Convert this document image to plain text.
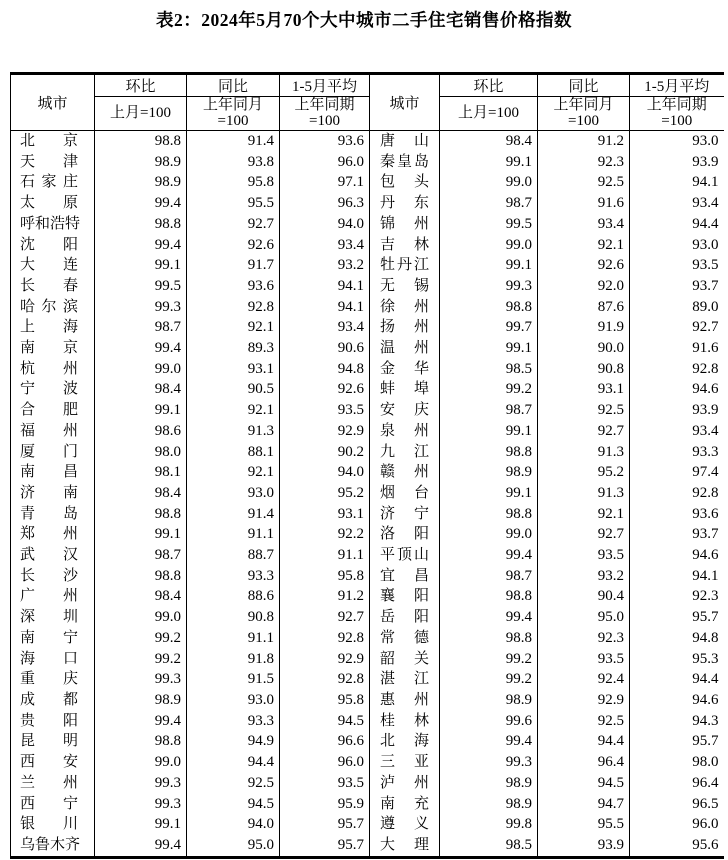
表2：2024年5月70个大中城市二手住宅销售价格指数
城市	环比	同比	1-5月平均	城市	环比	同比	1-5月平均
	上月=100	上年同月=100	上年同期=100		上月=100	上年同月=100	上年同期=100

北 京	98.8	91.4	93.6	唐 山	98.4	91.2	93.0

天 津	98.9	93.8	96.0	秦 皇 岛	99.1	92.3	93.9

石 家 庄	98.9	95.8	97.1	包 头	99.0	92.5	94.1

太 原	99.4	95.5	96.3	丹 东	98.7	91.6	93.4

呼 和 浩 特	98.8	92.7	94.0	锦 州	99.5	93.4	94.4

沈 阳	99.4	92.6	93.4	吉 林	99.0	92.1	93.0

大 连	99.1	91.7	93.2	牡 丹 江	99.1	92.6	93.5

长 春	99.5	93.6	94.1	无 锡	99.3	92.0	93.7

哈 尔 滨	99.3	92.8	94.1	徐 州	98.8	87.6	89.0

上 海	98.7	92.1	93.4	扬 州	99.7	91.9	92.7

南 京	99.4	89.3	90.6	温 州	99.1	90.0	91.6

杭 州	99.0	93.1	94.8	金 华	98.5	90.8	92.8

宁 波	98.4	90.5	92.6	蚌 埠	99.2	93.1	94.6

合 肥	99.1	92.1	93.5	安 庆	98.7	92.5	93.9

福 州	98.6	91.3	92.9	泉 州	99.1	92.7	93.4

厦 门	98.0	88.1	90.2	九 江	98.8	91.3	93.3

南 昌	98.1	92.1	94.0	赣 州	98.9	95.2	97.4

济 南	98.4	93.0	95.2	烟 台	99.1	91.3	92.8

青 岛	98.8	91.4	93.1	济 宁	98.8	92.1	93.6

郑 州	99.1	91.1	92.2	洛 阳	99.0	92.7	93.7

武 汉	98.7	88.7	91.1	平 顶 山	99.4	93.5	94.6

长 沙	98.8	93.3	95.8	宜 昌	98.7	93.2	94.1

广 州	98.4	88.6	91.2	襄 阳	98.8	90.4	92.3

深 圳	99.0	90.8	92.7	岳 阳	99.4	95.0	95.7

南 宁	99.2	91.1	92.8	常 德	98.8	92.3	94.8

海 口	99.2	91.8	92.9	韶 关	99.2	93.5	95.3

重 庆	99.3	91.5	92.8	湛 江	99.2	92.4	94.4

成 都	98.9	93.0	95.8	惠 州	98.9	92.9	94.6

贵 阳	99.4	93.3	94.5	桂 林	99.6	92.5	94.3

昆 明	98.8	94.9	96.6	北 海	99.4	94.4	95.7

西 安	99.0	94.4	96.0	三 亚	99.3	96.4	98.0

兰 州	99.3	92.5	93.5	泸 州	98.9	94.5	96.4

西 宁	99.3	94.5	95.9	南 充	98.9	94.7	96.5

银 川	99.1	94.0	95.7	遵 义	99.8	95.5	96.0

乌 鲁 木 齐	99.4	95.0	95.7	大 理	98.5	93.9	95.6
